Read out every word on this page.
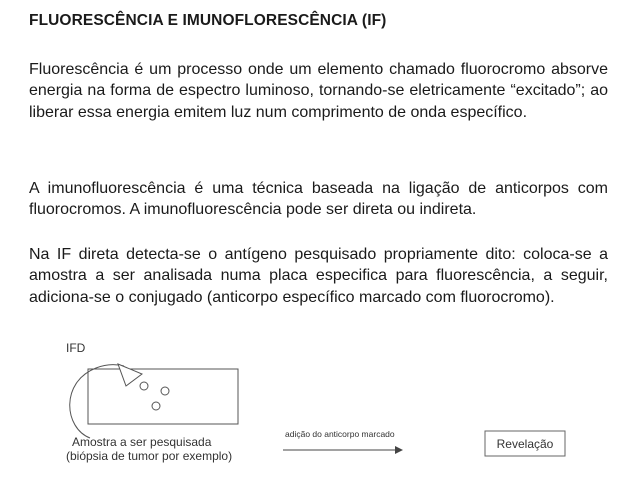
FLUORESCÊNCIA E IMUNOFLORESCÊNCIA (IF)

Fluorescência é um processo onde um elemento chamado fluorocromo absorve energia na forma de espectro luminoso, tornando-se eletricamente “excitado”; ao liberar essa energia emitem luz num comprimento de onda específico.

A imunofluorescência é uma técnica baseada na ligação de anticorpos com fluorocromos. A imunofluorescência pode ser direta ou indireta.

Na IF direta detecta-se o antígeno pesquisado propriamente dito: coloca-se a amostra a ser analisada numa placa especifica para fluorescência, a seguir, adiciona-se o conjugado (anticorpo específico marcado com fluorocromo).

IFD
Amostra a ser pesquisada
(biópsia de tumor por exemplo)
adição do anticorpo marcado
Revelação
